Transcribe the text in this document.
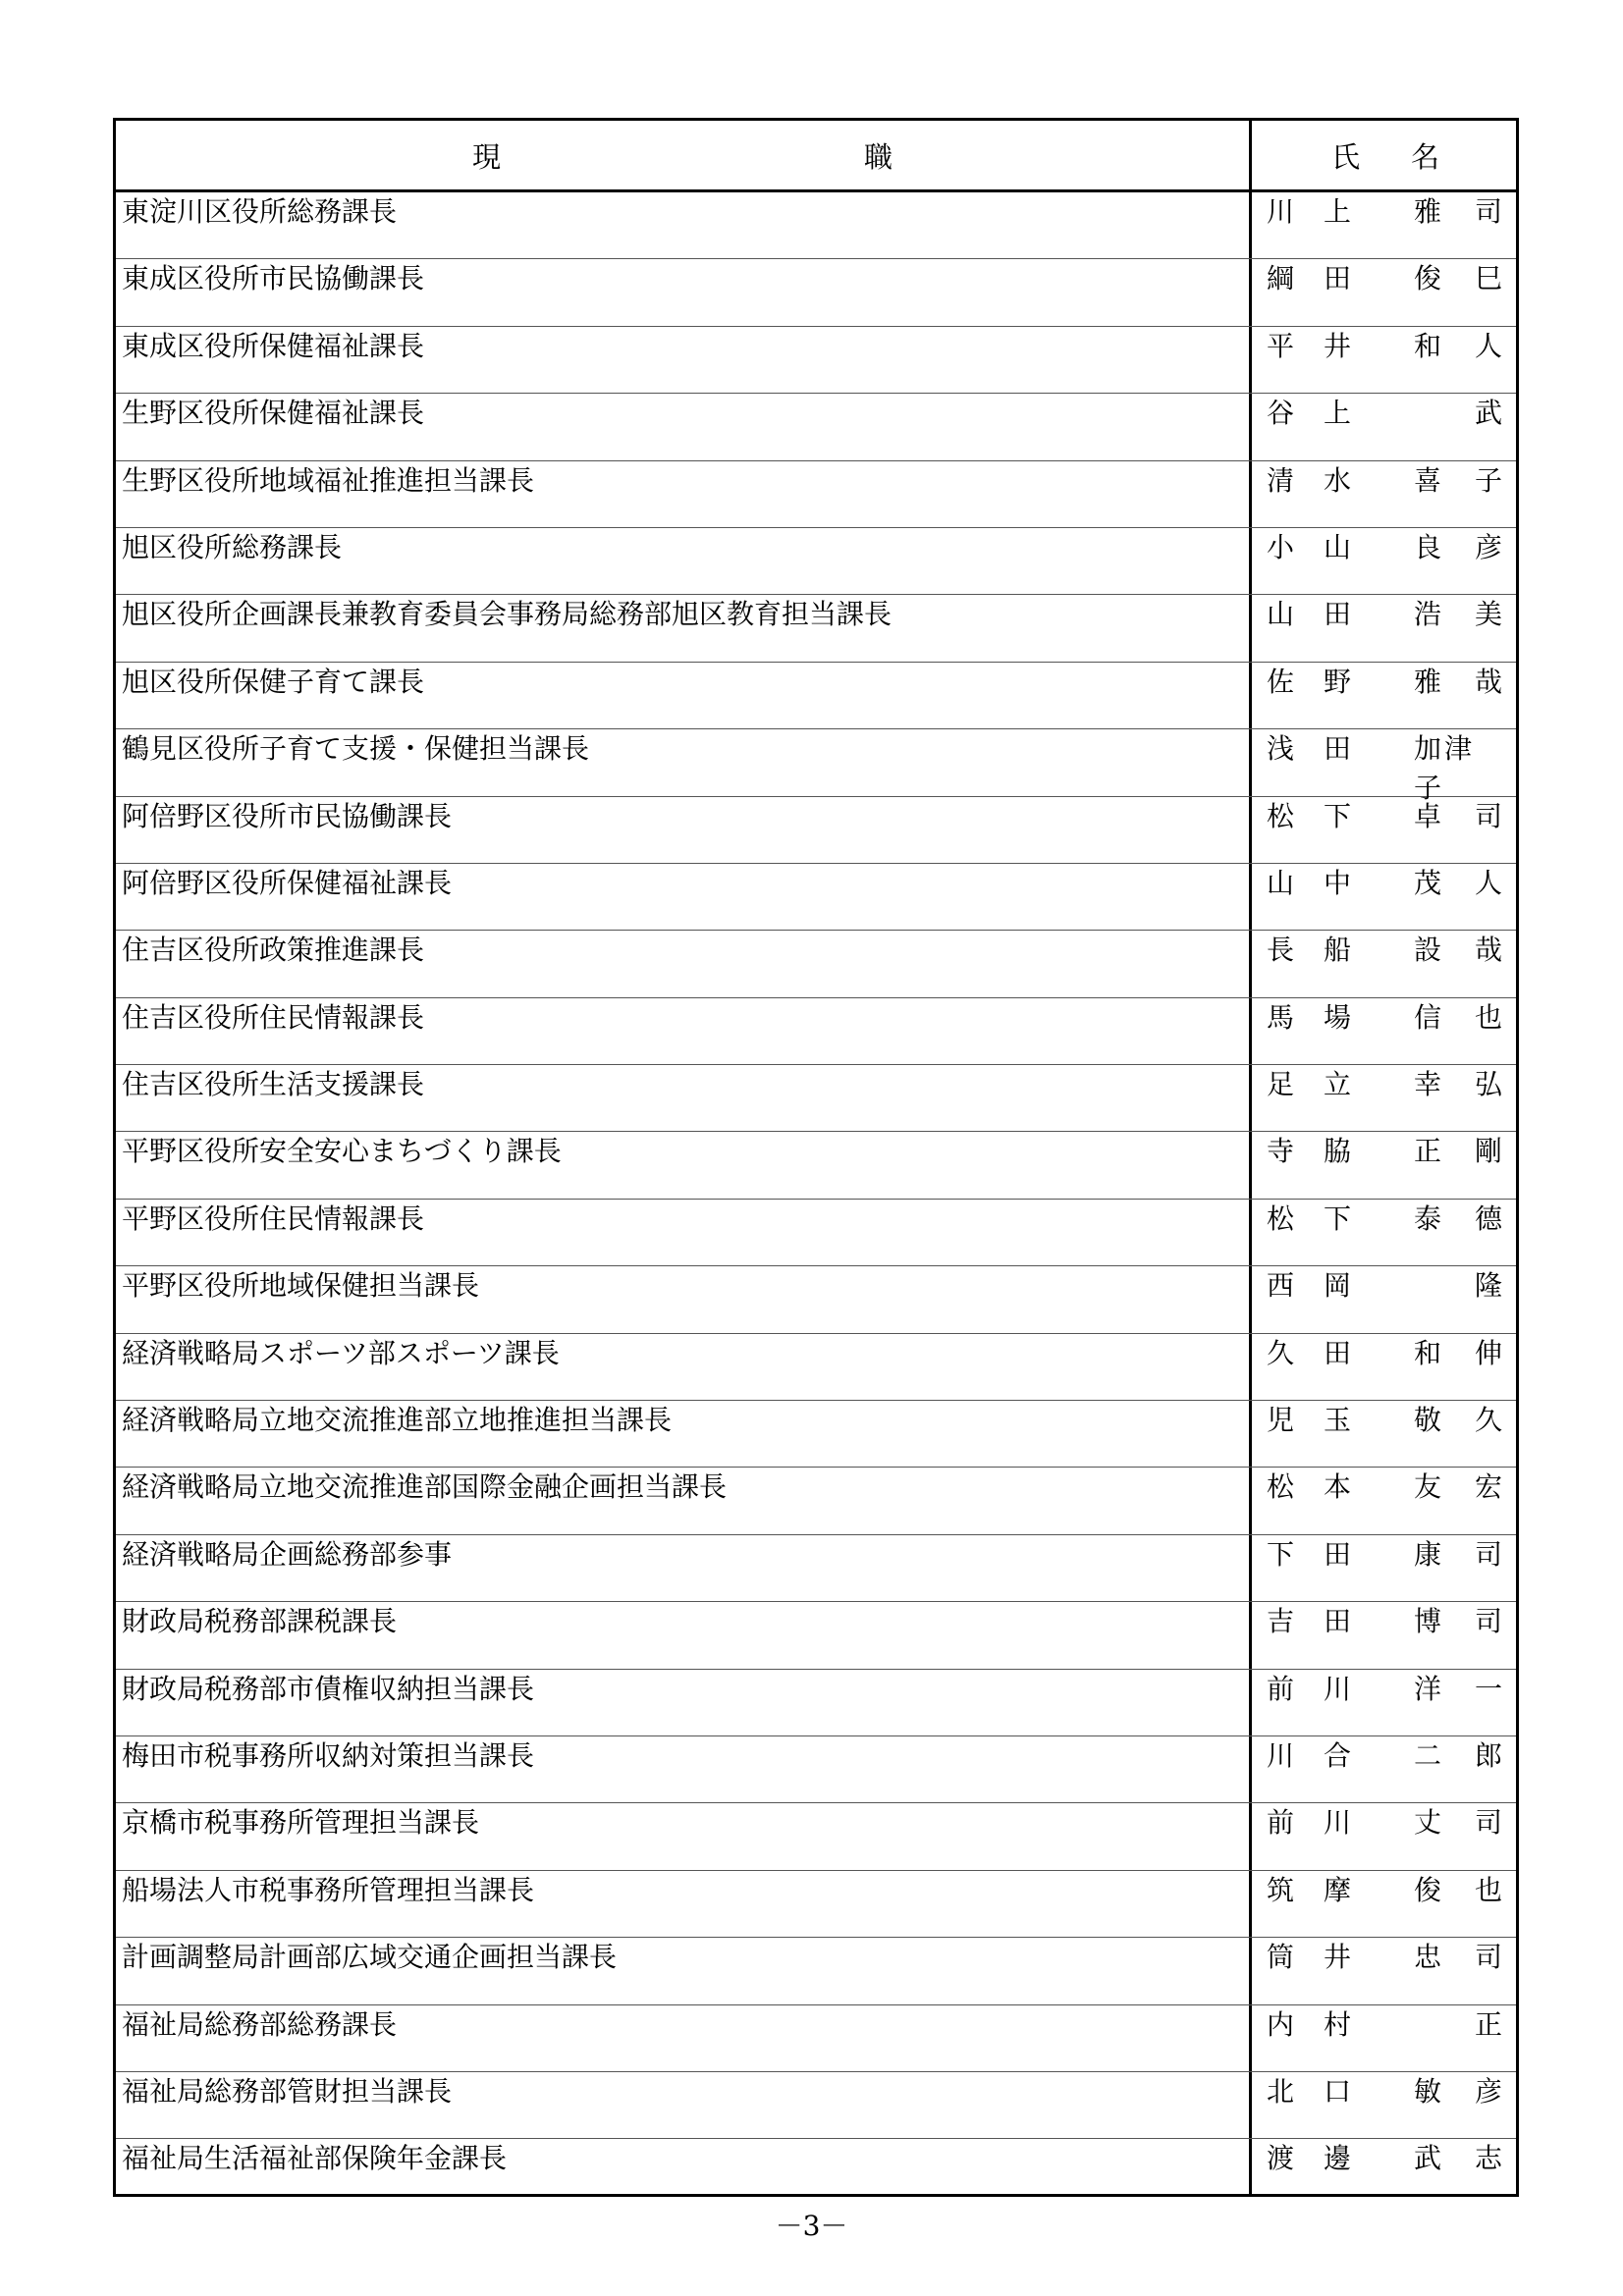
現	職	氏 名
東淀川区役所総務課長	川 上 雅 司
東成区役所市民協働課長	綱 田 俊 巳
東成区役所保健福祉課長	平 井 和 人
生野区役所保健福祉課長	谷 上	武
生野区役所地域福祉推進担当課長	清 水 喜 子
旭区役所総務課長	小 山 良 彦
旭区役所企画課長兼教育委員会事務局総務部旭区教育担当課長	山 田 浩 美
旭区役所保健子育て課長	佐 野 雅 哉
鶴見区役所子育て支援・保健担当課長	浅 田 加津子
阿倍野区役所市民協働課長	松 下 卓 司
阿倍野区役所保健福祉課長	山 中 茂 人
住吉区役所政策推進課長	長 船 設 哉
住吉区役所住民情報課長	馬 場 信 也
住吉区役所生活支援課長	足 立 幸 弘
平野区役所安全安心まちづくり課長	寺 脇 正 剛
平野区役所住民情報課長	松 下 泰 德
平野区役所地域保健担当課長	西 岡	隆
経済戦略局スポーツ部スポーツ課長	久 田 和 伸
経済戦略局立地交流推進部立地推進担当課長	児 玉 敬 久
経済戦略局立地交流推進部国際金融企画担当課長	松 本 友 宏
経済戦略局企画総務部参事	下 田 康 司
財政局税務部課税課長	吉 田 博 司
財政局税務部市債権収納担当課長	前 川 洋 一
梅田市税事務所収納対策担当課長	川 合 二 郎
京橋市税事務所管理担当課長	前 川 丈 司
船場法人市税事務所管理担当課長	筑 摩 俊 也
計画調整局計画部広域交通企画担当課長	筒 井 忠 司
福祉局総務部総務課長	内 村	正
福祉局総務部管財担当課長	北 口 敏 彦
福祉局生活福祉部保険年金課長	渡 邊 武 志
－3－
